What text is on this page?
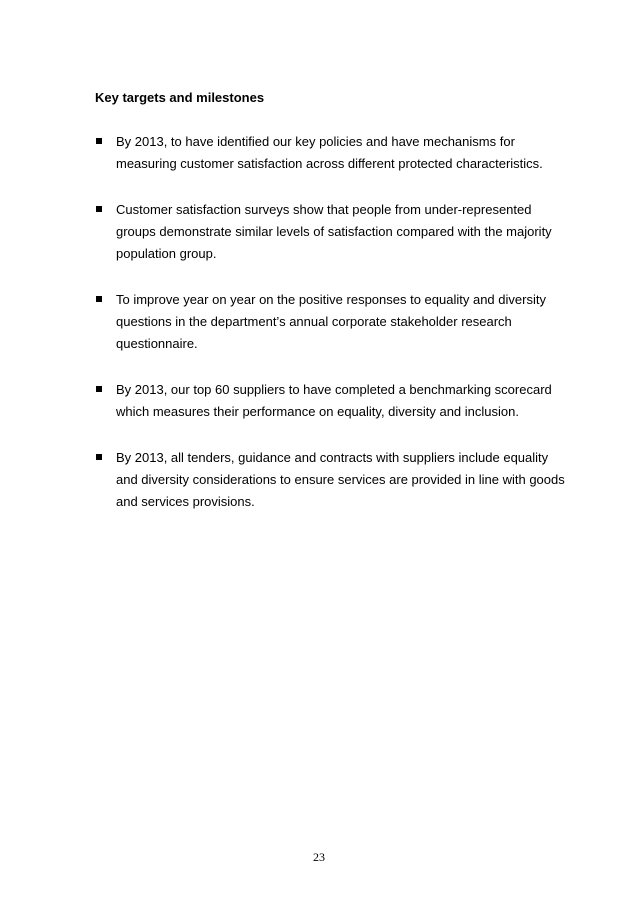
Key targets and milestones
By 2013, to have identified our key policies and have mechanisms for measuring customer satisfaction across different protected characteristics.
Customer satisfaction surveys show that people from under-represented groups demonstrate similar levels of satisfaction compared with the majority population group.
To improve year on year on the positive responses to equality and diversity questions in the department’s annual corporate stakeholder research questionnaire.
By 2013, our top 60 suppliers to have completed a benchmarking scorecard which measures their performance on equality, diversity and inclusion.
By 2013, all tenders, guidance and contracts with suppliers include equality and diversity considerations to ensure services are provided in line with goods and services provisions.
23
